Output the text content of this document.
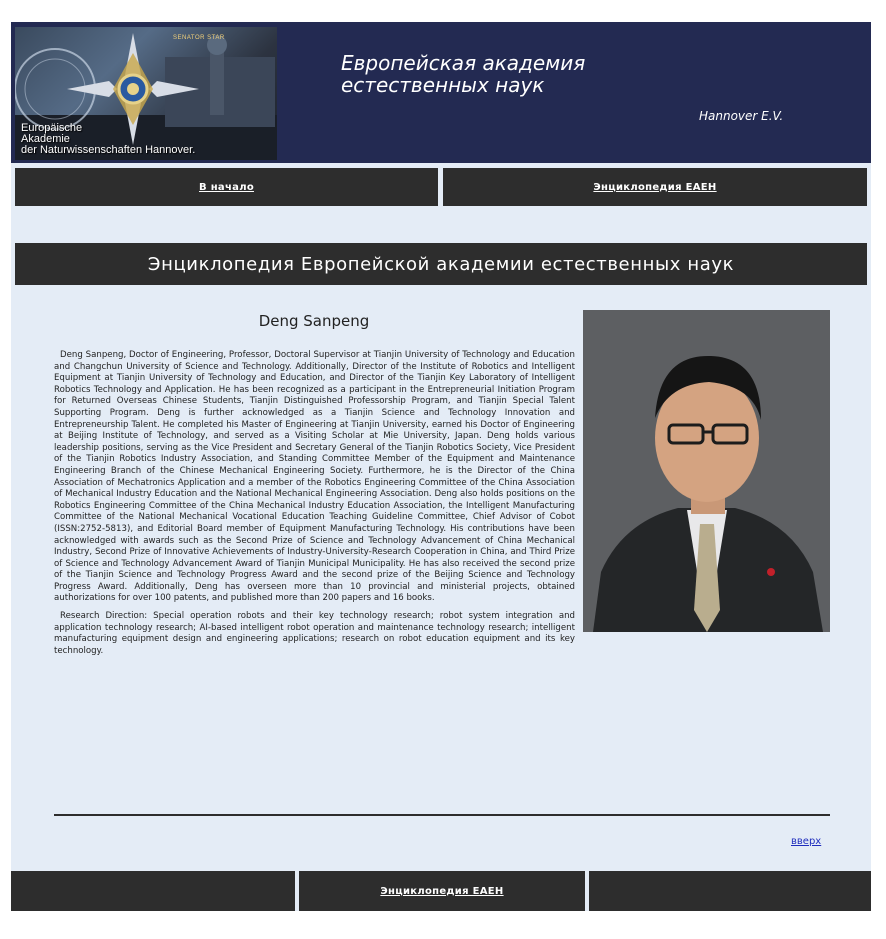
SENATOR STAR
Europäische
Akademie
der Naturwissenschaften Hannover.
Европейская академия естественных наук
Hannover E.V.
В начало	Энциклопедия ЕАЕН
Энциклопедия Европейской академии естественных наук
Deng Sanpeng

Deng Sanpeng, Doctor of Engineering, Professor, Doctoral Supervisor at Tianjin University of Technology and Education and Changchun University of Science and Technology. Additionally, Director of the Institute of Robotics and Intelligent Equipment at Tianjin University of Technology and Education, and Director of the Tianjin Key Laboratory of Intelligent Robotics Technology and Application. He has been recognized as a participant in the Entrepreneurial Initiation Program for Returned Overseas Chinese Students, Tianjin Distinguished Professorship Program, and Tianjin Special Talent Supporting Program. Deng is further acknowledged as a Tianjin Science and Technology Innovation and Entrepreneurship Talent. He completed his Master of Engineering at Tianjin University, earned his Doctor of Engineering at Beijing Institute of Technology, and served as a Visiting Scholar at Mie University, Japan. Deng holds various leadership positions, serving as the Vice President and Secretary General of the Tianjin Robotics Society, Vice President of the Tianjin Robotics Industry Association, and Standing Committee Member of the Equipment and Maintenance Engineering Branch of the Chinese Mechanical Engineering Society. Furthermore, he is the Director of the China Association of Mechatronics Application and a member of the Robotics Engineering Committee of the China Association of Mechanical Industry Education and the National Mechanical Engineering Association. Deng also holds positions on the Robotics Engineering Committee of the China Mechanical Industry Education Association, the Intelligent Manufacturing Committee of the National Mechanical Vocational Education Teaching Guideline Committee, Chief Advisor of Cobot (ISSN:2752-5813), and Editorial Board member of Equipment Manufacturing Technology. His contributions have been acknowledged with awards such as the Second Prize of Science and Technology Advancement of China Mechanical Industry, Second Prize of Innovative Achievements of Industry-University-Research Cooperation in China, and Third Prize of Science and Technology Advancement Award of Tianjin Municipal Municipality. He has also received the second prize of the Tianjin Science and Technology Progress Award and the second prize of the Beijing Science and Technology Progress Award. Additionally, Deng has overseen more than 10 provincial and ministerial projects, obtained authorizations for over 100 patents, and published more than 200 papers and 16 books.

Research Direction: Special operation robots and their key technology research; robot system integration and application technology research; AI-based intelligent robot operation and maintenance technology research; intelligent manufacturing equipment design and engineering applications; research on robot education equipment and its key technology.

вверх
Энциклопедия ЕАЕН
